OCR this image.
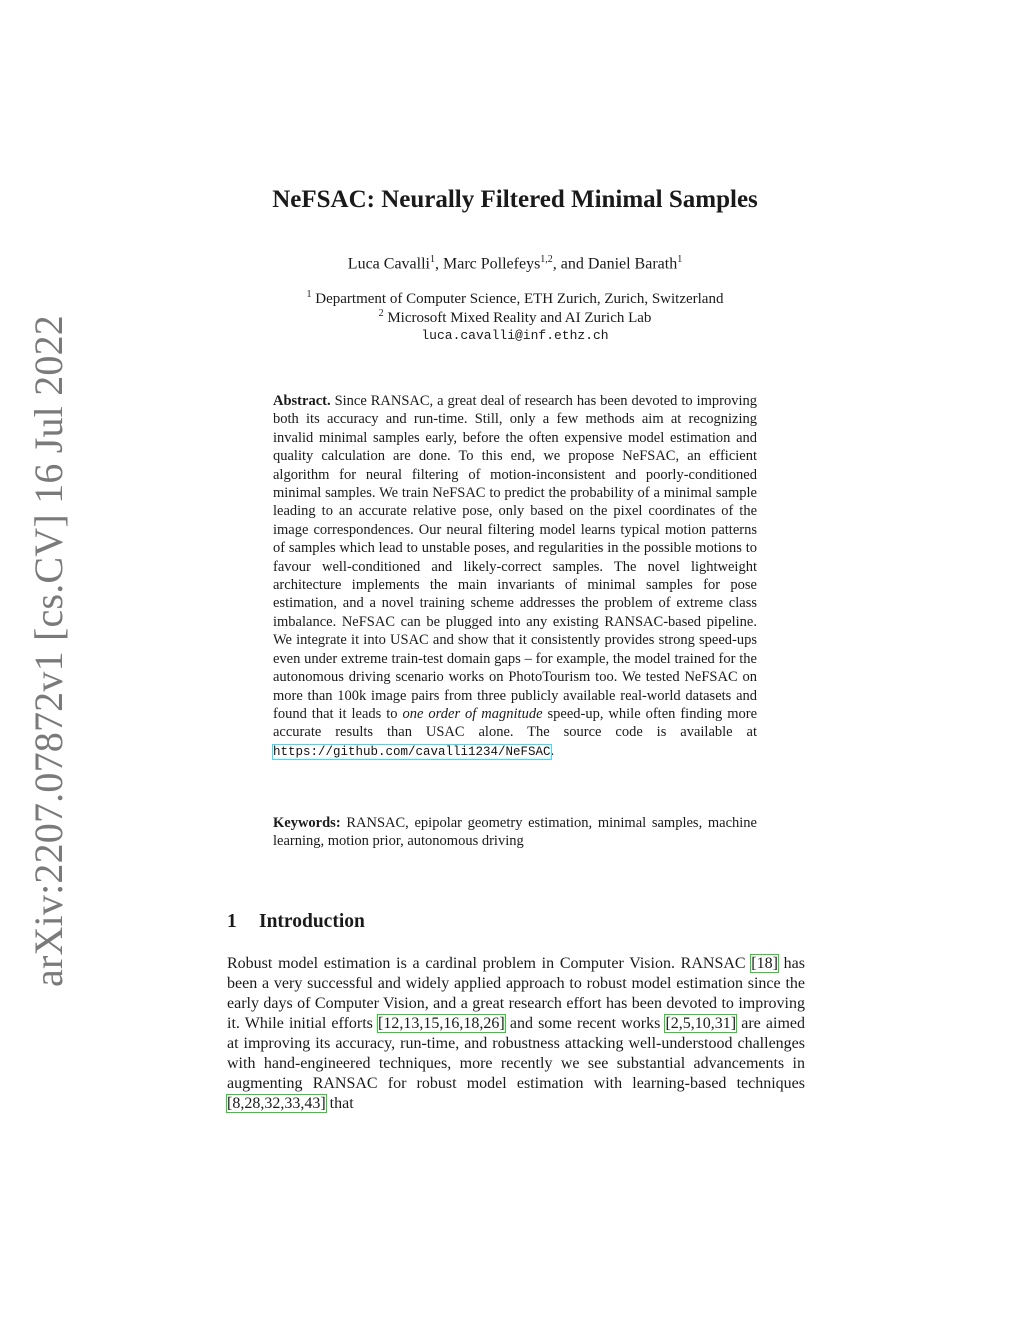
arXiv:2207.07872v1 [cs.CV] 16 Jul 2022
NeFSAC: Neurally Filtered Minimal Samples
Luca Cavalli$^1$, Marc Pollefeys$^{1,2}$, and Daniel Barath$^1$
$^1$ Department of Computer Science, ETH Zurich, Zurich, Switzerland
$^2$ Microsoft Mixed Reality and AI Zurich Lab
luca.cavalli@inf.ethz.ch
Abstract. Since RANSAC, a great deal of research has been devoted to improving both its accuracy and run-time. Still, only a few methods aim at recognizing invalid minimal samples early, before the often expensive model estimation and quality calculation are done. To this end, we propose NeFSAC, an efficient algorithm for neural filtering of motion-inconsistent and poorly-conditioned minimal samples. We train NeFSAC to predict the probability of a minimal sample leading to an accurate relative pose, only based on the pixel coordinates of the image correspondences. Our neural filtering model learns typical motion patterns of samples which lead to unstable poses, and regularities in the possible motions to favour well-conditioned and likely-correct samples. The novel lightweight architecture implements the main invariants of minimal samples for pose estimation, and a novel training scheme addresses the problem of extreme class imbalance. NeFSAC can be plugged into any existing RANSAC-based pipeline. We integrate it into USAC and show that it consistently provides strong speed-ups even under extreme train-test domain gaps – for example, the model trained for the autonomous driving scenario works on PhotoTourism too. We tested NeFSAC on more than 100k image pairs from three publicly available real-world datasets and found that it leads to one order of magnitude speed-up, while often finding more accurate results than USAC alone. The source code is available at https://github.com/cavalli1234/NeFSAC.
Keywords: RANSAC, epipolar geometry estimation, minimal samples, machine learning, motion prior, autonomous driving
1 Introduction
Robust model estimation is a cardinal problem in Computer Vision. RANSAC [18] has been a very successful and widely applied approach to robust model estimation since the early days of Computer Vision, and a great research effort has been devoted to improving it. While initial efforts [12,13,15,16,18,26] and some recent works [2,5,10,31] are aimed at improving its accuracy, run-time, and robustness attacking well-understood challenges with hand-engineered techniques, more recently we see substantial advancements in augmenting RANSAC for robust model estimation with learning-based techniques [8,28,32,33,43] that
